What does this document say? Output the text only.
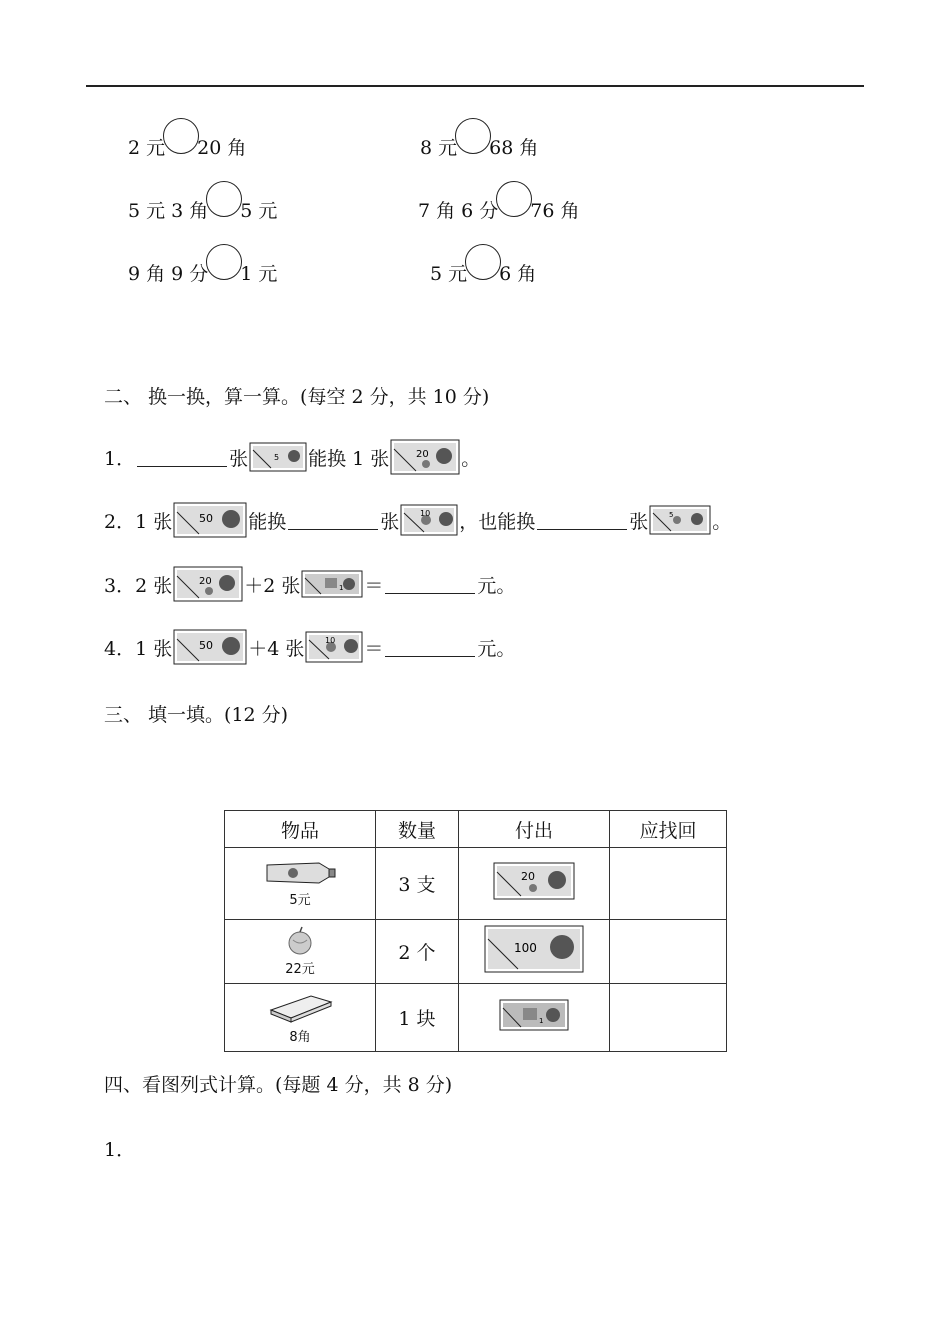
2 元 20 角	8 元 68 角
5 元 3 角 5 元	7 角 6 分 76 角
9 角 9 分 1 元	5 元 6 角
二、 换一换，算一算。(每空 2 分，共 10 分)
1．	张	5 能换 1 张	20 。
2． 1 张 50 能换	张	10 ，也能换	张	5 。
3． 2 张	20 ＋2 张	1 ＝	元。
4． 1 张 50 ＋4 张	10 ＝	元。
三、 填一填。(12 分)
物品	数量	付出	应找回

5元	3 支	20	

22元	2 个	100	

8角	1 块	1	

四、看图列式计算。(每题 4 分，共 8 分)
1．
